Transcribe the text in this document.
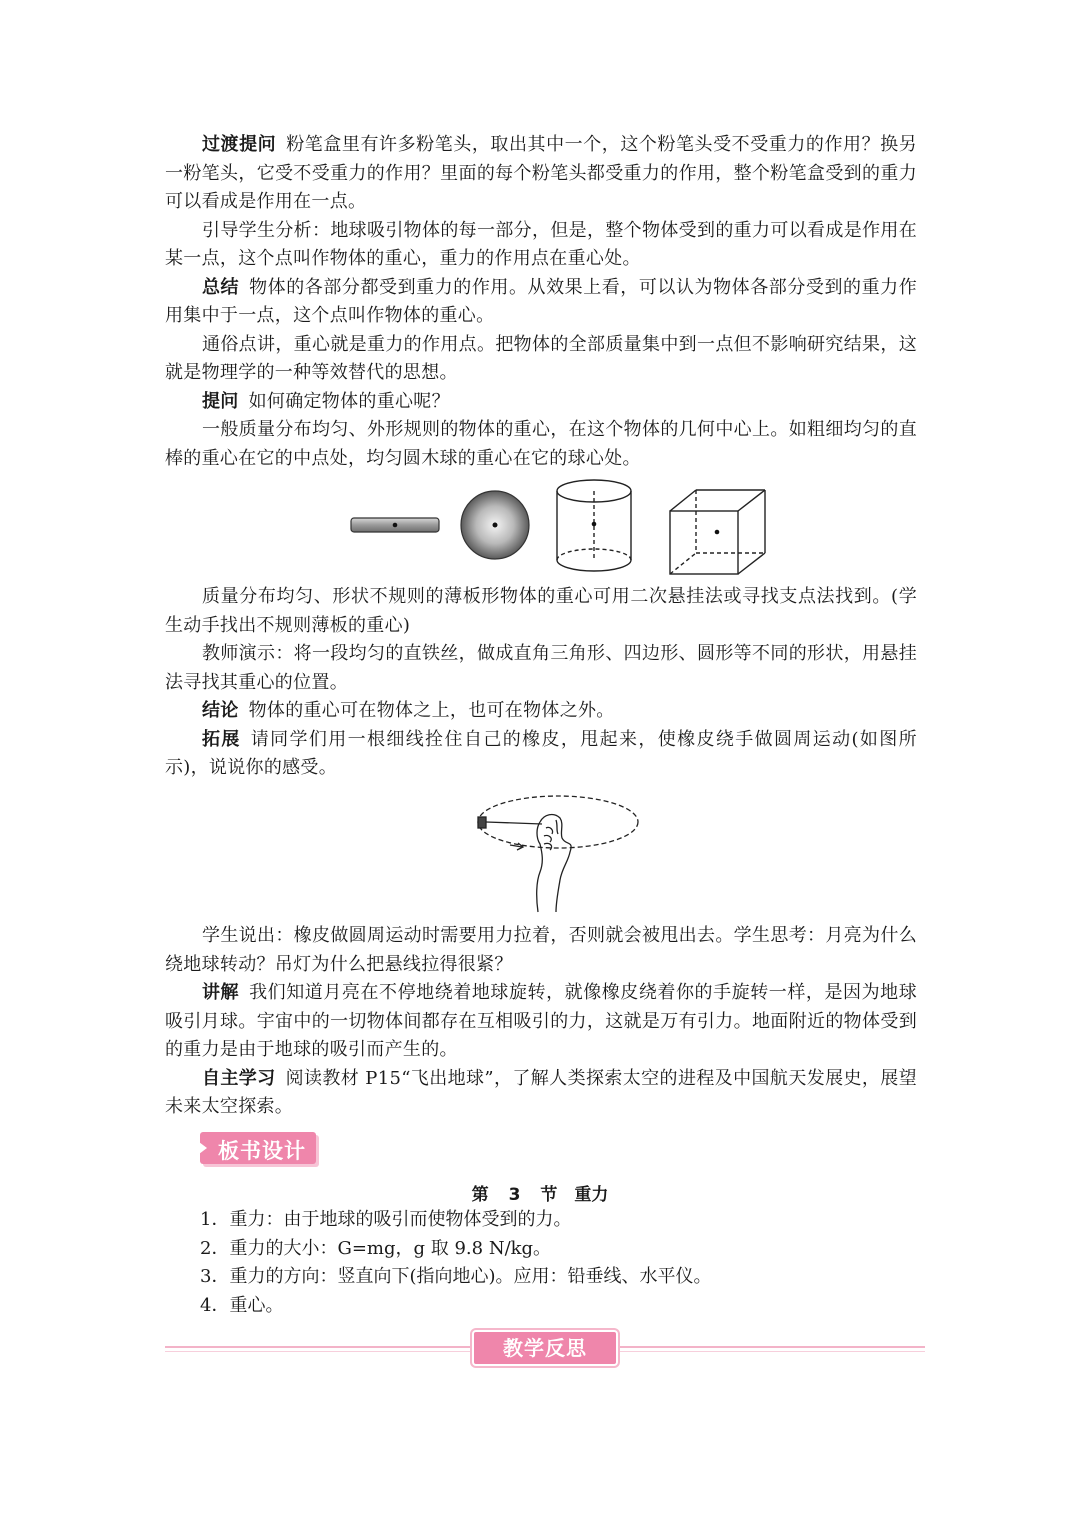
过渡提问 粉笔盒里有许多粉笔头，取出其中一个，这个粉笔头受不受重力的作用？换另一粉笔头，它受不受重力的作用？里面的每个粉笔头都受重力的作用，整个粉笔盒受到的重力可以看成是作用在一点。

引导学生分析：地球吸引物体的每一部分，但是，整个物体受到的重力可以看成是作用在某一点，这个点叫作物体的重心，重力的作用点在重心处。

总结 物体的各部分都受到重力的作用。从效果上看，可以认为物体各部分受到的重力作用集中于一点，这个点叫作物体的重心。

通俗点讲，重心就是重力的作用点。把物体的全部质量集中到一点但不影响研究结果，这就是物理学的一种等效替代的思想。

提问 如何确定物体的重心呢？

一般质量分布均匀、外形规则的物体的重心，在这个物体的几何中心上。如粗细均匀的直棒的重心在它的中点处，均匀圆木球的重心在它的球心处。

质量分布均匀、形状不规则的薄板形物体的重心可用二次悬挂法或寻找支点法找到。(学生动手找出不规则薄板的重心)

教师演示：将一段均匀的直铁丝，做成直角三角形、四边形、圆形等不同的形状，用悬挂法寻找其重心的位置。

结论 物体的重心可在物体之上，也可在物体之外。

拓展 请同学们用一根细线拴住自己的橡皮，甩起来，使橡皮绕手做圆周运动(如图所示)，说说你的感受。

学生说出：橡皮做圆周运动时需要用力拉着，否则就会被甩出去。学生思考：月亮为什么绕地球转动？吊灯为什么把悬线拉得很紧？

讲解 我们知道月亮在不停地绕着地球旋转，就像橡皮绕着你的手旋转一样，是因为地球吸引月球。宇宙中的一切物体间都存在互相吸引的力，这就是万有引力。地面附近的物体受到的重力是由于地球的吸引而产生的。

自主学习 阅读教材 P15“飞出地球”，了解人类探索太空的进程及中国航天发展史，展望未来太空探索。

板书设计
第 3 节　重力
1．重力：由于地球的吸引而使物体受到的力。
2．重力的大小：G=mg，g 取 9.8 N/kg。
3．重力的方向：竖直向下(指向地心)。应用：铅垂线、水平仪。
4．重心。
教学反思
